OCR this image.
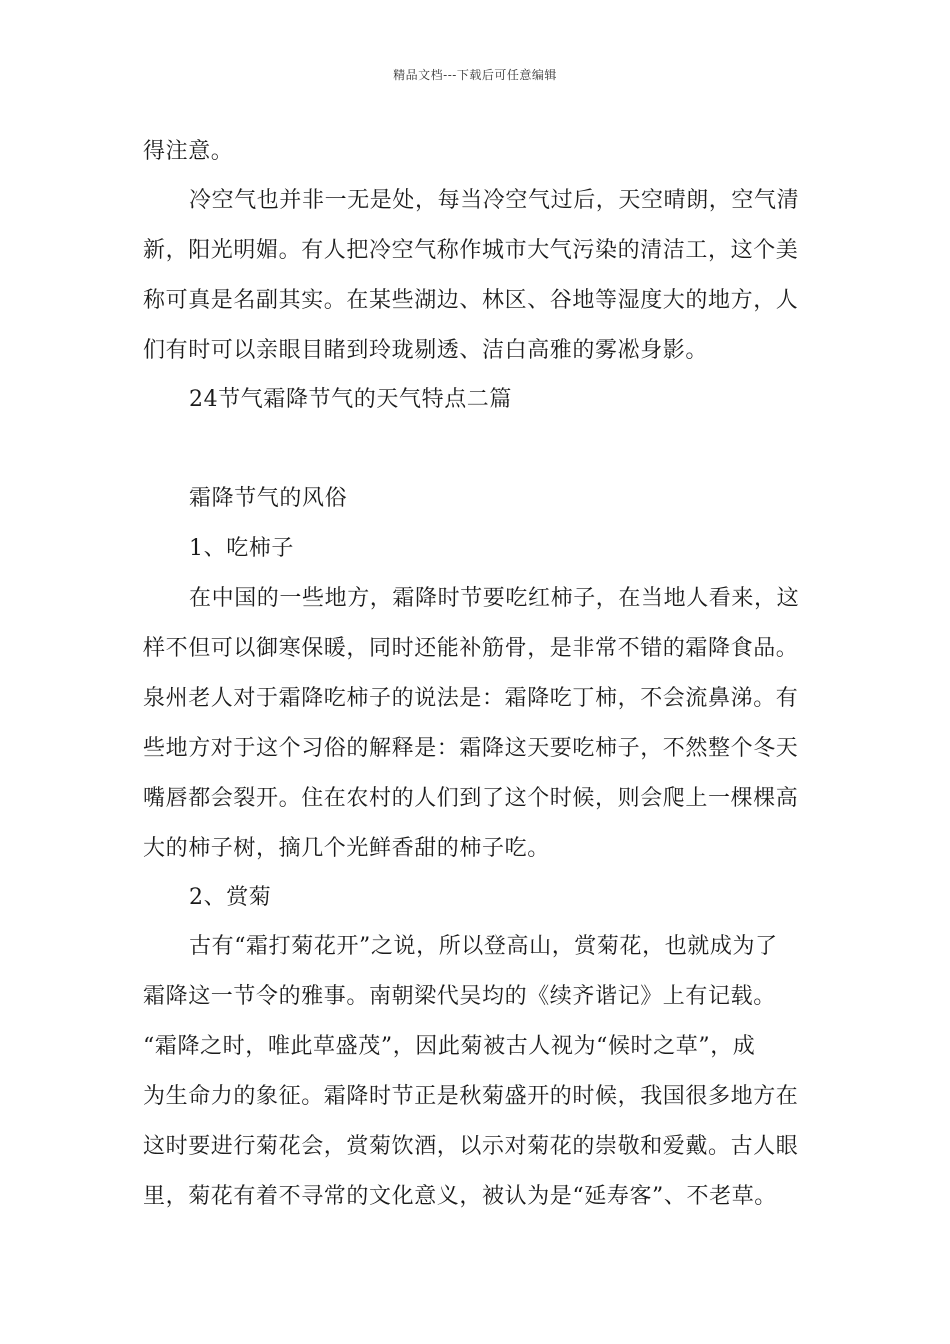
精品文档---下载后可任意编辑
得注意。
冷空气也并非一无是处，每当冷空气过后，天空晴朗，空气清
新，阳光明媚。有人把冷空气称作城市大气污染的清洁工，这个美
称可真是名副其实。在某些湖边、林区、谷地等湿度大的地方，人
们有时可以亲眼目睹到玲珑剔透、洁白高雅的雾凇身影。
24节气霜降节气的天气特点二篇
霜降节气的风俗
1、吃柿子
在中国的一些地方，霜降时节要吃红柿子，在当地人看来，这
样不但可以御寒保暖，同时还能补筋骨，是非常不错的霜降食品。
泉州老人对于霜降吃柿子的说法是：霜降吃丁柿，不会流鼻涕。有
些地方对于这个习俗的解释是：霜降这天要吃柿子，不然整个冬天
嘴唇都会裂开。住在农村的人们到了这个时候，则会爬上一棵棵高
大的柿子树，摘几个光鲜香甜的柿子吃。
2、赏菊
古有“霜打菊花开”之说，所以登高山，赏菊花，也就成为了
霜降这一节令的雅事。南朝梁代吴均的《续齐谐记》上有记载。
“霜降之时，唯此草盛茂”，因此菊被古人视为“候时之草”，成
为生命力的象征。霜降时节正是秋菊盛开的时候，我国很多地方在
这时要进行菊花会，赏菊饮酒，以示对菊花的崇敬和爱戴。古人眼
里，菊花有着不寻常的文化意义，被认为是“延寿客”、不老草。
